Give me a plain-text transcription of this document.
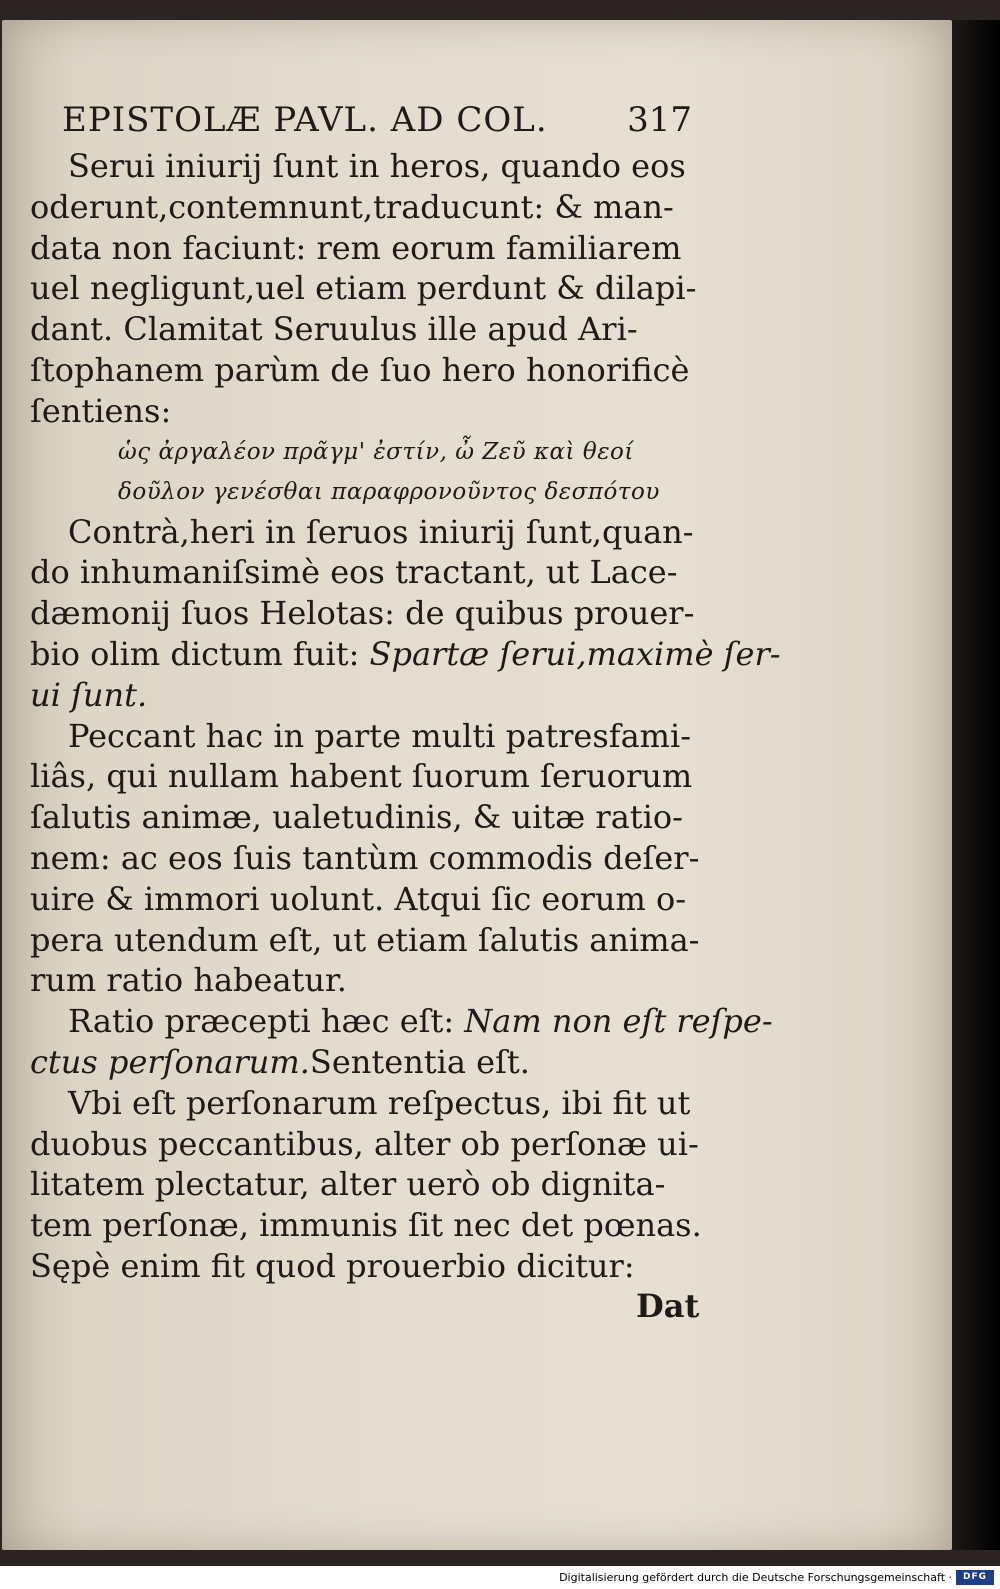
EPISTOLÆ PAVL. AD COL. 317
Serui iniurij ſunt in heros, quando eos
oderunt,contemnunt,traducunt: & man-
data non faciunt: rem eorum familiarem
uel negligunt,uel etiam perdunt & dilapi-
dant. Clamitat Seruulus ille apud Ari-
ſtophanem parùm de ſuo hero honorificè
ſentiens:
ὡς ἀργαλέον πρᾶγμ' ἐστίν, ὦ Ζεῦ καὶ θεοί
δοῦλον γενέσθαι παραφρονοῦντος δεσπότου
Contrà,heri in ſeruos iniurij ſunt,quan-
do inhumaniſsimè eos tractant, ut Lace-
dæmonij ſuos Helotas: de quibus prouer-
bio olim dictum fuit: Spartæ ſerui,maximè ſer-
ui ſunt.
Peccant hac in parte multi patresfami-
liâs, qui nullam habent ſuorum ſeruorum
ſalutis animæ, ualetudinis, & uitæ ratio-
nem: ac eos ſuis tantùm commodis deſer-
uire & immori uolunt. Atqui ſic eorum o-
pera utendum eſt, ut etiam ſalutis anima-
rum ratio habeatur.
Ratio præcepti hæc eſt: Nam non eſt reſpe-
ctus perſonarum.Sententia eſt.
Vbi eſt perſonarum reſpectus, ibi fit ut
duobus peccantibus, alter ob perſonæ ui-
litatem plectatur, alter uerò ob dignita-
tem perſonæ, immunis ſit nec det pœnas.
Sępè enim fit quod prouerbio dicitur:
Dat
Digitalisierung gefördert durch die Deutsche Forschungsgemeinschaft ·	DFG
